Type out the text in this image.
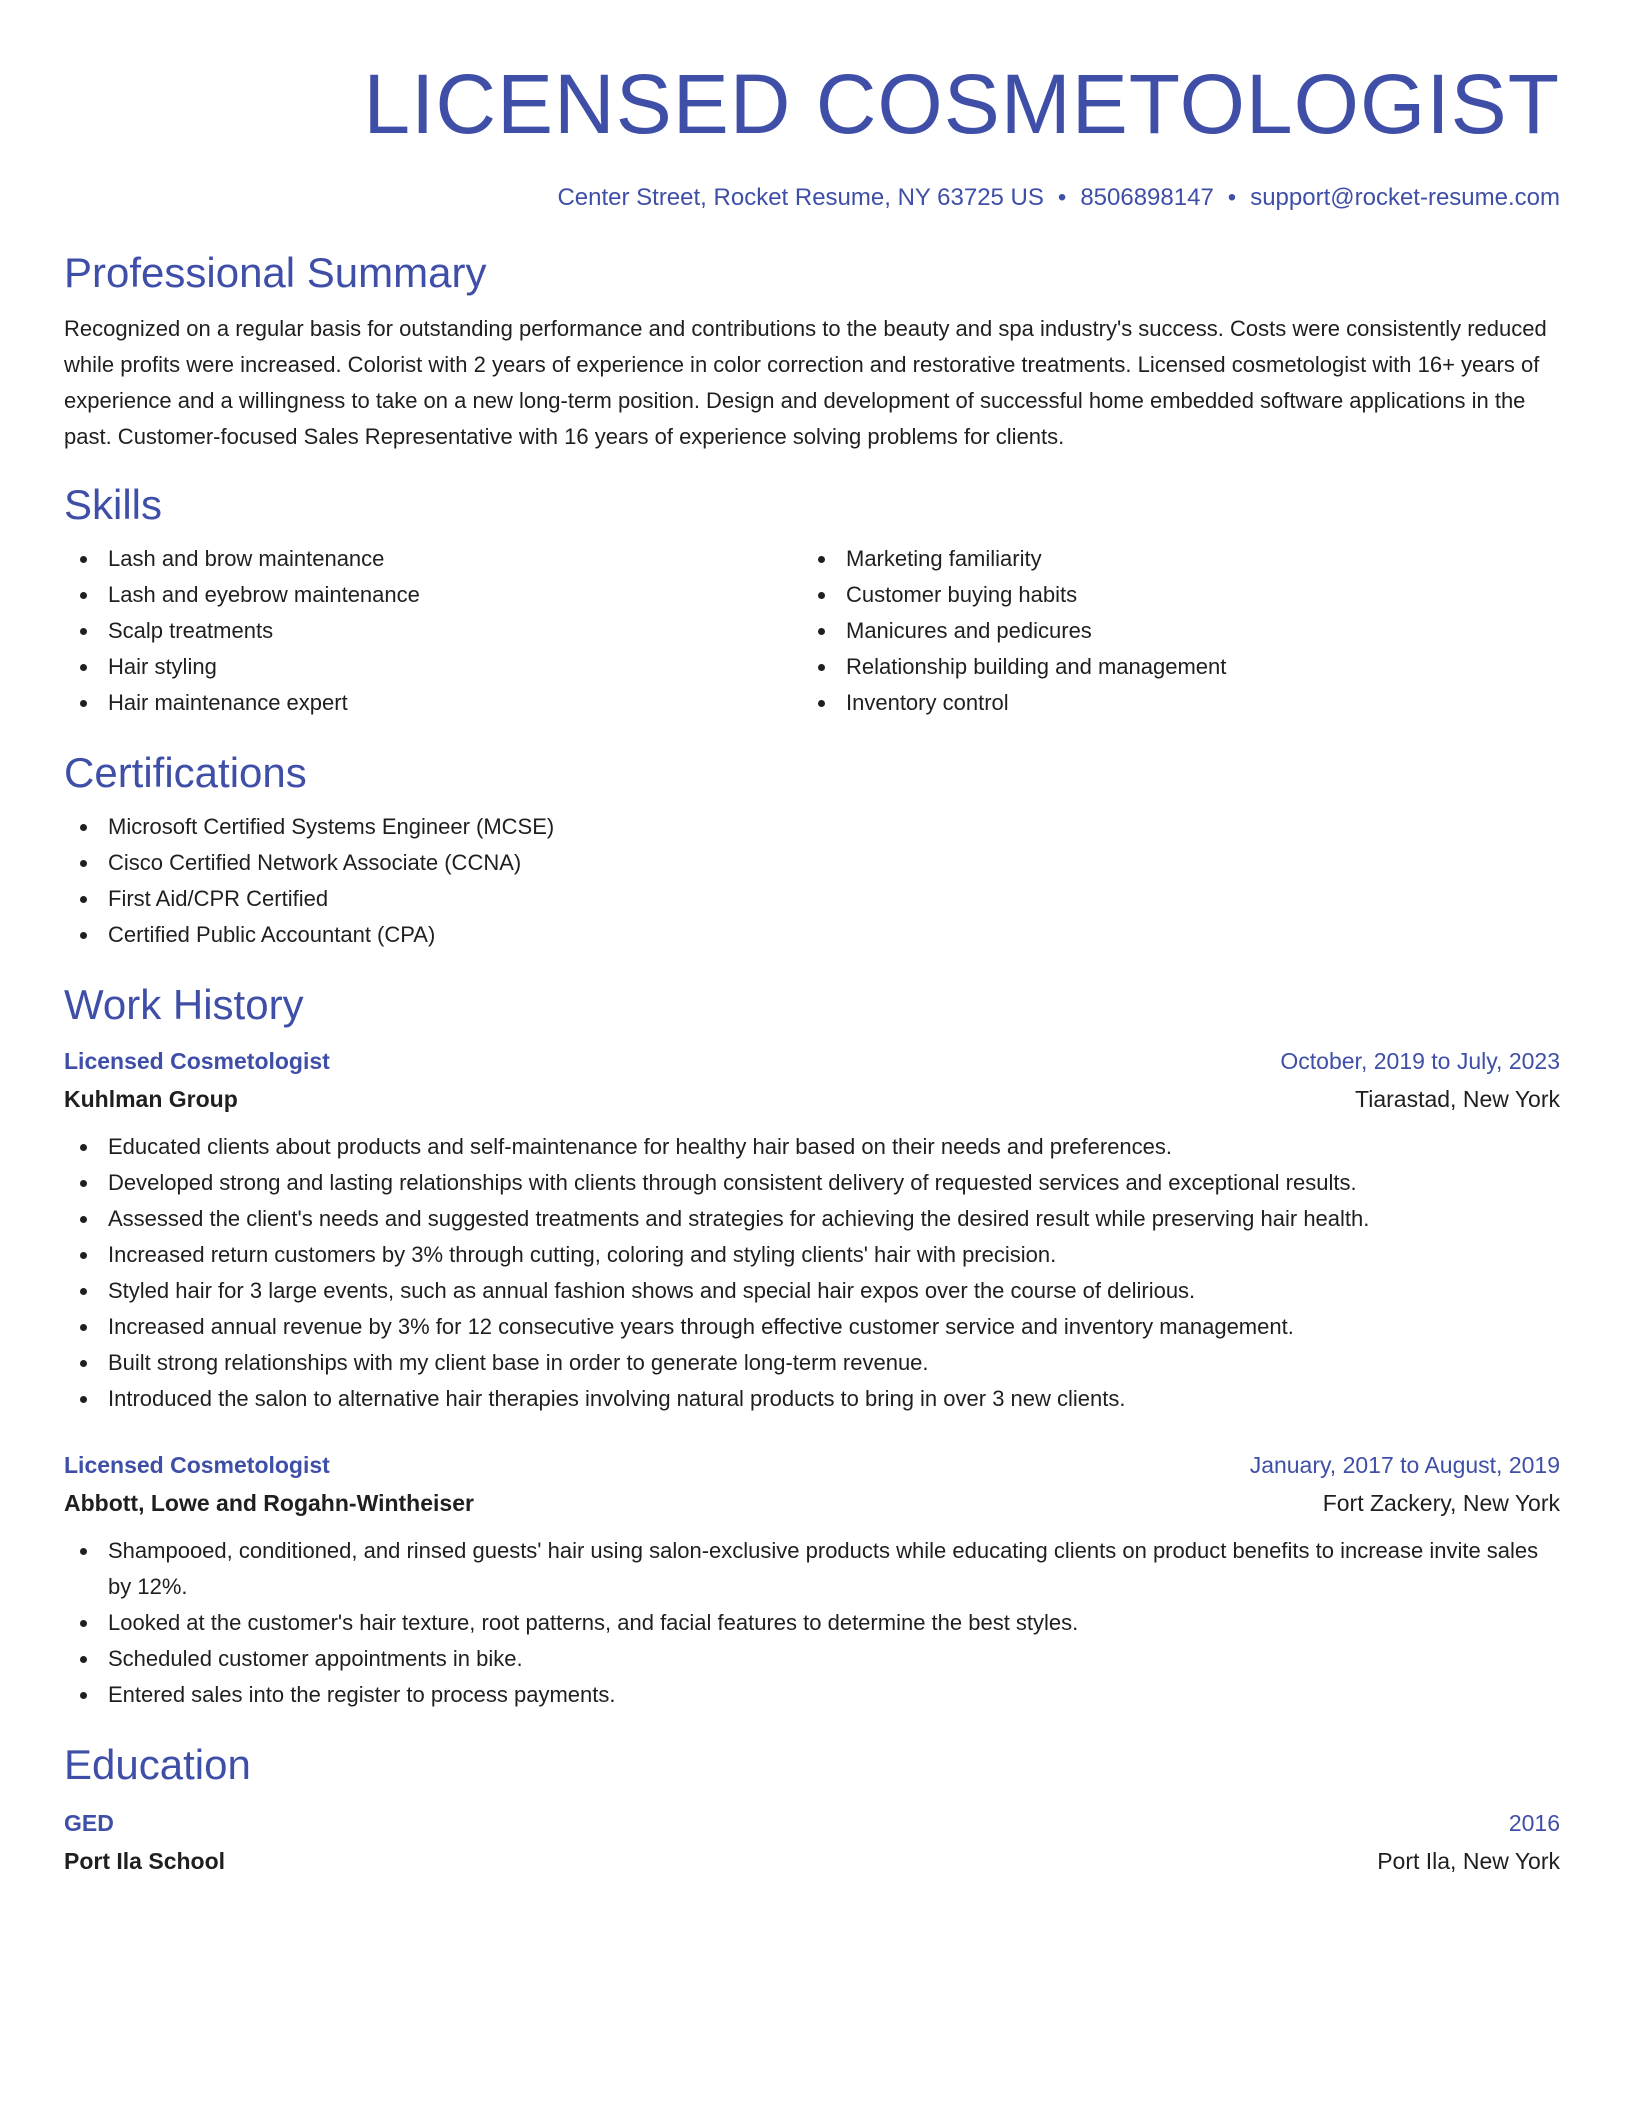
LICENSED COSMETOLOGIST
Center Street, Rocket Resume, NY 63725 US • 8506898147 • support@rocket-resume.com
Professional Summary
Recognized on a regular basis for outstanding performance and contributions to the beauty and spa industry's success. Costs were consistently reduced while profits were increased. Colorist with 2 years of experience in color correction and restorative treatments. Licensed cosmetologist with 16+ years of experience and a willingness to take on a new long-term position. Design and development of successful home embedded software applications in the past. Customer-focused Sales Representative with 16 years of experience solving problems for clients.
Skills
Lash and brow maintenance
Lash and eyebrow maintenance
Scalp treatments
Hair styling
Hair maintenance expert
Marketing familiarity
Customer buying habits
Manicures and pedicures
Relationship building and management
Inventory control
Certifications
Microsoft Certified Systems Engineer (MCSE)
Cisco Certified Network Associate (CCNA)
First Aid/CPR Certified
Certified Public Accountant (CPA)
Work History
Licensed Cosmetologist	October, 2019 to July, 2023
Kuhlman Group	Tiarastad, New York
Educated clients about products and self-maintenance for healthy hair based on their needs and preferences.
Developed strong and lasting relationships with clients through consistent delivery of requested services and exceptional results.
Assessed the client's needs and suggested treatments and strategies for achieving the desired result while preserving hair health.
Increased return customers by 3% through cutting, coloring and styling clients' hair with precision.
Styled hair for 3 large events, such as annual fashion shows and special hair expos over the course of delirious.
Increased annual revenue by 3% for 12 consecutive years through effective customer service and inventory management.
Built strong relationships with my client base in order to generate long-term revenue.
Introduced the salon to alternative hair therapies involving natural products to bring in over 3 new clients.
Licensed Cosmetologist	January, 2017 to August, 2019
Abbott, Lowe and Rogahn-Wintheiser	Fort Zackery, New York
Shampooed, conditioned, and rinsed guests' hair using salon-exclusive products while educating clients on product benefits to increase invite sales by 12%.
Looked at the customer's hair texture, root patterns, and facial features to determine the best styles.
Scheduled customer appointments in bike.
Entered sales into the register to process payments.
Education
GED	2016
Port Ila School	Port Ila, New York
